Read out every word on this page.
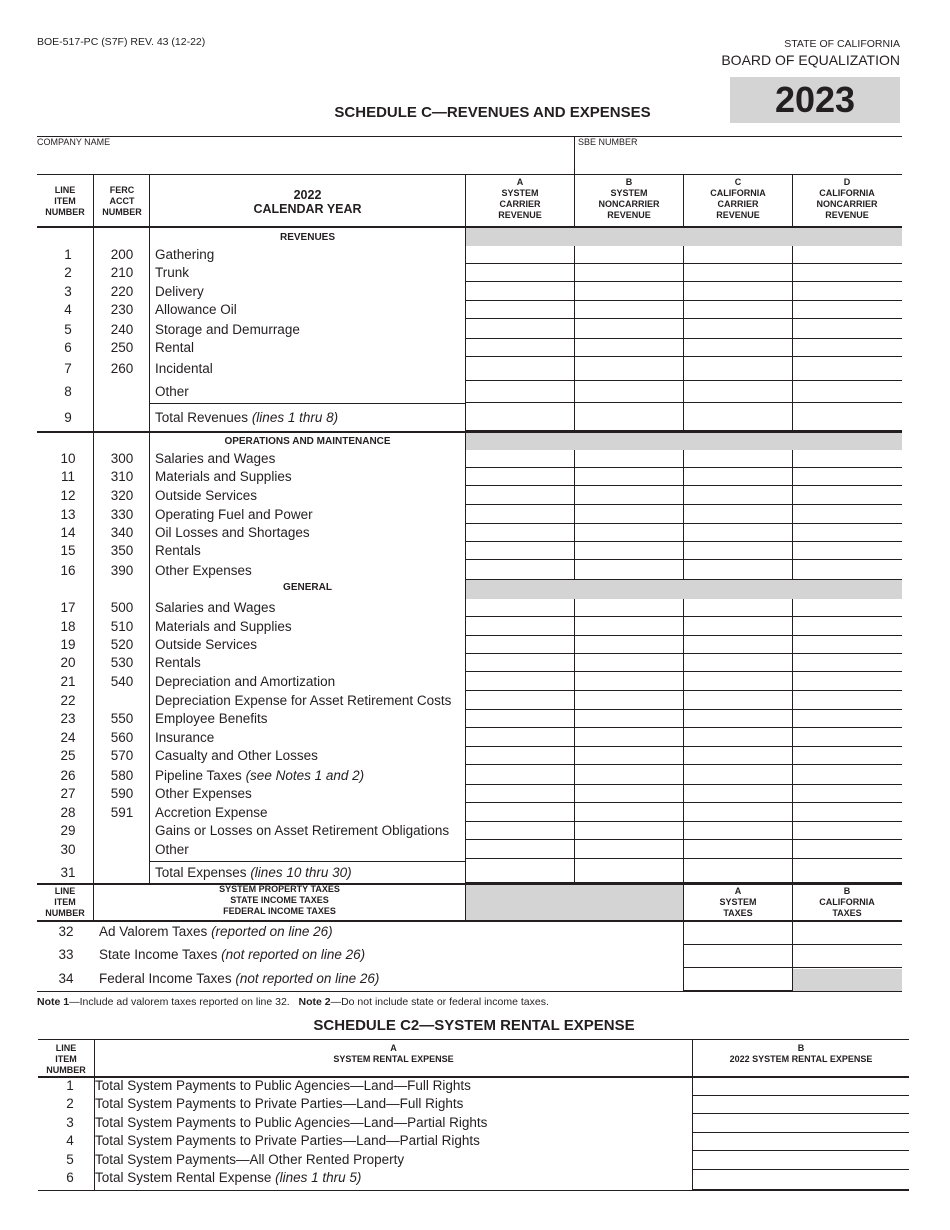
BOE-517-PC (S7F) REV. 43 (12-22)	STATE OF CALIFORNIA
BOARD OF EQUALIZATION
2023
SCHEDULE C—REVENUES AND EXPENSES
COMPANY NAME	SBE NUMBER
LINE
ITEM
NUMBER
FERC
ACCT
NUMBER
2022
CALENDAR YEAR
A
SYSTEM
CARRIER
REVENUE
B
SYSTEM
NONCARRIER
REVENUE
C
CALIFORNIA
CARRIER
REVENUE
D
CALIFORNIA
NONCARRIER
REVENUE
REVENUES
OPERATIONS AND MAINTENANCE
GENERAL
1	200	Gathering
2	210	Trunk
3	220	Delivery
4	230	Allowance Oil
5	240	Storage and Demurrage
6	250	Rental
7	260	Incidental
8	Other
9	Total Revenues (lines 1 thru 8)
10	300	Salaries and Wages
11	310	Materials and Supplies
12	320	Outside Services
13	330	Operating Fuel and Power
14	340	Oil Losses and Shortages
15	350	Rentals
16	390	Other Expenses
17	500	Salaries and Wages
18	510	Materials and Supplies
19	520	Outside Services
20	530	Rentals
21	540	Depreciation and Amortization
22	Depreciation Expense for Asset Retirement Costs
23	550	Employee Benefits
24	560	Insurance
25	570	Casualty and Other Losses
26	580	Pipeline Taxes (see Notes 1 and 2)
27	590	Other Expenses
28	591	Accretion Expense
29	Gains or Losses on Asset Retirement Obligations
30	Other
31	Total Expenses (lines 10 thru 30)
LINE
ITEM
NUMBER
SYSTEM PROPERTY TAXES
STATE INCOME TAXES
FEDERAL INCOME TAXES
A
SYSTEM
TAXES
B
CALIFORNIA
TAXES
32	Ad Valorem Taxes (reported on line 26)
33	State Income Taxes (not reported on line 26)
34	Federal Income Taxes (not reported on line 26)
Note 1—Include ad valorem taxes reported on line 32. Note 2—Do not include state or federal income taxes.
SCHEDULE C2—SYSTEM RENTAL EXPENSE
LINE
ITEM
NUMBER
A
SYSTEM RENTAL EXPENSE
B
2022 SYSTEM RENTAL EXPENSE
1	Total System Payments to Public Agencies—Land—Full Rights
2	Total System Payments to Private Parties—Land—Full Rights
3	Total System Payments to Public Agencies—Land—Partial Rights
4	Total System Payments to Private Parties—Land—Partial Rights
5	Total System Payments—All Other Rented Property
6	Total System Rental Expense (lines 1 thru 5)
